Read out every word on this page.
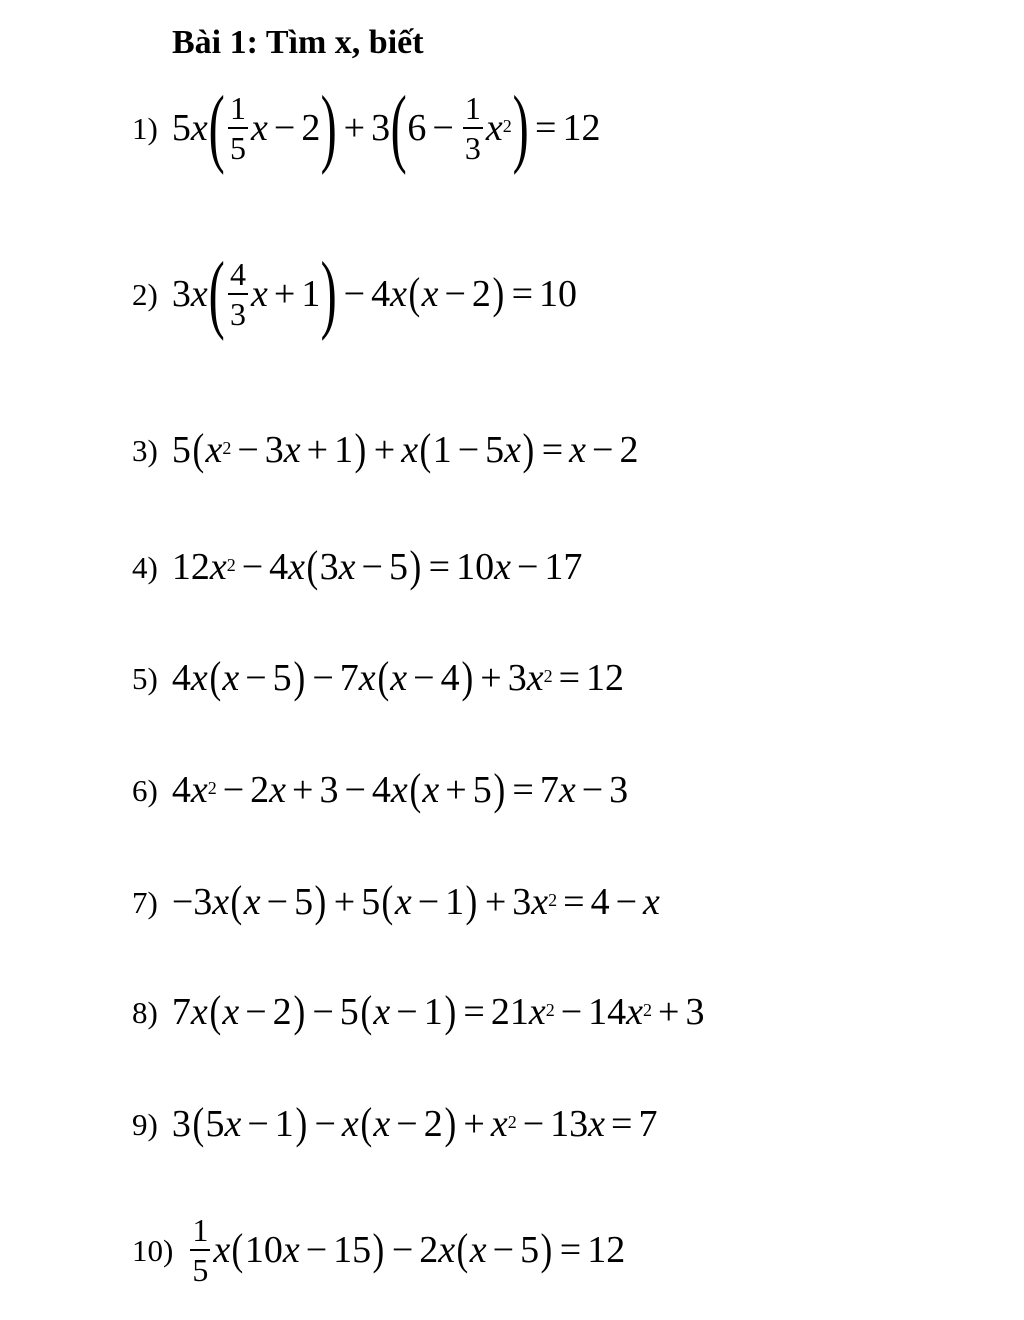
Bài 1: Tìm x, biết
1) 5 x ( $\frac{1}{5}$ x − 2 ) + 3 ( $6 - \frac{1}{3} x^2$ ) = 12
2) 3 x ( $\frac{4}{3}$ x + 1 ) − 4 x ( x − 2 ) = 10
3) 5 ( $x^2 - 3$ x + 1 ) + x ( 1 − 5 x ) = x − 2
4) 12 $x^2 - 4$ x ( 3 x − 5 ) = 10 x − 17
5) 4 x ( x − 5 ) − 7 x ( x − 4 ) + 3 $x^2 = 12$
6) 4 $x^2 - 2$ x + 3 − 4 x ( x + 5 ) = 7 x − 3
7) −3 x ( x − 5 ) + 5 ( x − 1 ) + 3 $x^2 = 4 - x$
8) 7 x ( x − 2 ) − 5 ( x − 1 ) = 21 $x^2 - 14$ $x^2 + 3$
9) 3 ( 5 x − 1 ) − x ( x − 2 ) + $x^2 - 13$ x = 7
$10) \frac{1}{5}$ x ( 10 x − 15 ) − 2 x ( x − 5 ) = 12
